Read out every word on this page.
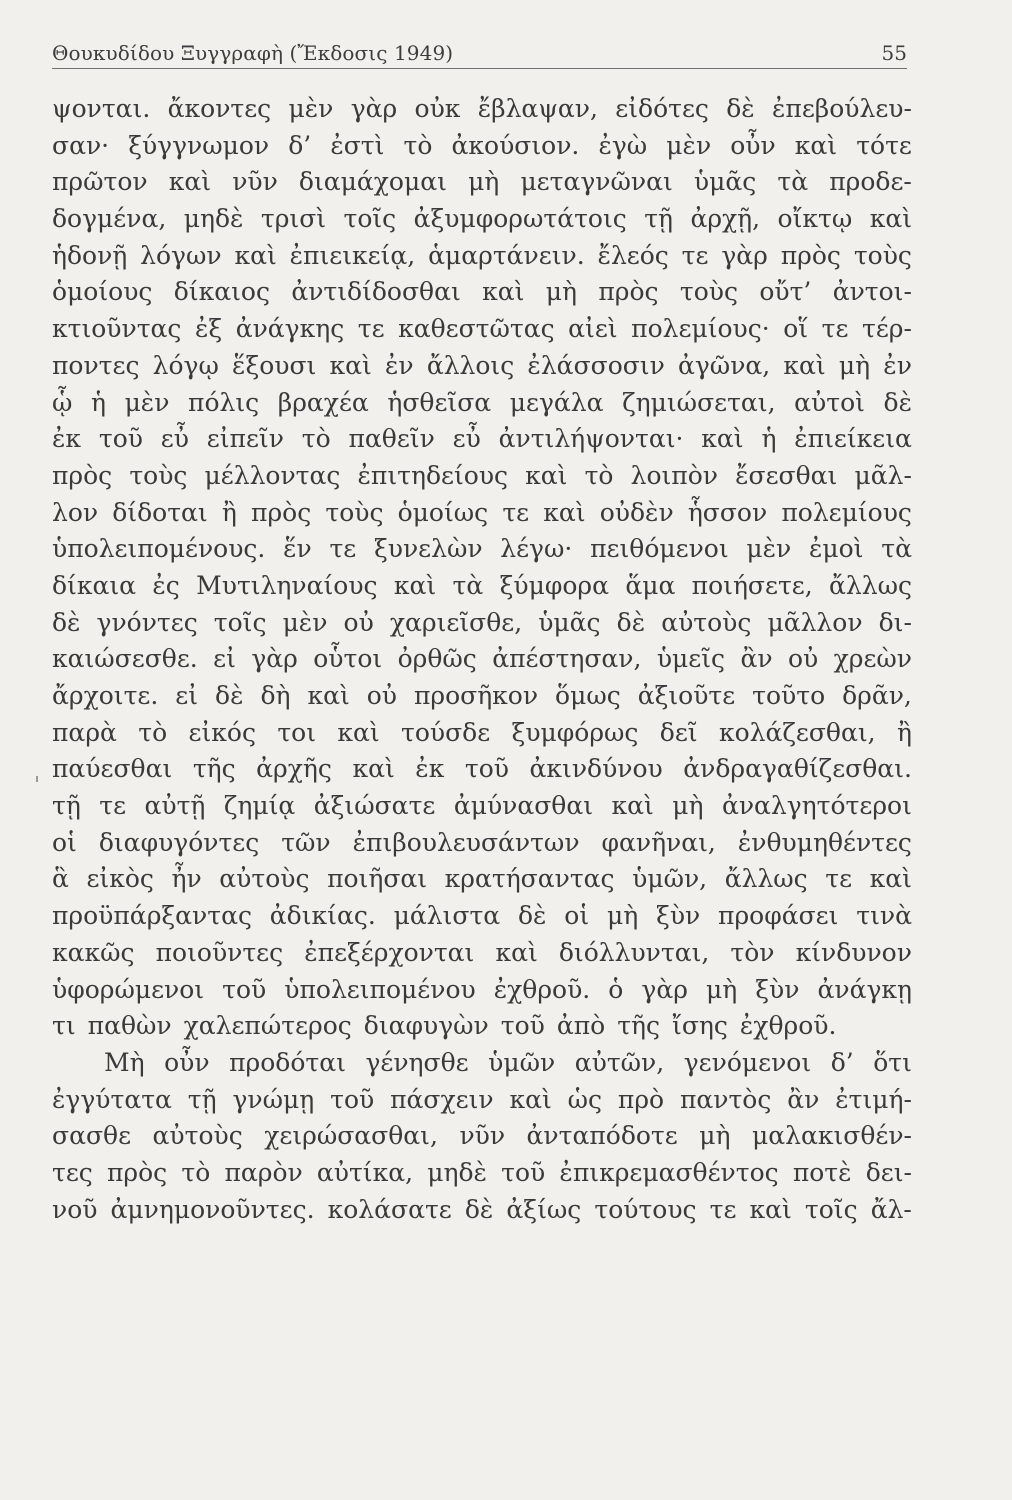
Θουκυδίδου Ξυγγραφὴ (Ἔκδοσις 1949)	55
ψονται. ἄκοντες μὲν γὰρ οὐκ ἔβλαψαν, εἰδότες δὲ ἐπεβούλευ-
σαν· ξύγγνωμον δ’ ἐστὶ τὸ ἀκούσιον. ἐγὼ μὲν οὖν καὶ τότε
πρῶτον καὶ νῦν διαμάχομαι μὴ μεταγνῶναι ὑμᾶς τὰ προδε-
δογμένα, μηδὲ τρισὶ τοῖς ἀξυμφορωτάτοις τῇ ἀρχῇ, οἴκτῳ καὶ
ἡδονῇ λόγων καὶ ἐπιεικείᾳ, ἁμαρτάνειν. ἔλεός τε γὰρ πρὸς τοὺς
ὁμοίους δίκαιος ἀντιδίδοσθαι καὶ μὴ πρὸς τοὺς οὔτ’ ἀντοι-
κτιοῦντας ἐξ ἀνάγκης τε καθεστῶτας αἰεὶ πολεμίους· οἵ τε τέρ-
ποντες λόγῳ ἕξουσι καὶ ἐν ἄλλοις ἐλάσσοσιν ἀγῶνα, καὶ μὴ ἐν
ᾧ ἡ μὲν πόλις βραχέα ἡσθεῖσα μεγάλα ζημιώσεται, αὐτοὶ δὲ
ἐκ τοῦ εὖ εἰπεῖν τὸ παθεῖν εὖ ἀντιλήψονται· καὶ ἡ ἐπιείκεια
πρὸς τοὺς μέλλοντας ἐπιτηδείους καὶ τὸ λοιπὸν ἔσεσθαι μᾶλ-
λον δίδοται ἢ πρὸς τοὺς ὁμοίως τε καὶ οὐδὲν ἧσσον πολεμίους
ὑπολειπομένους. ἕν τε ξυνελὼν λέγω· πειθόμενοι μὲν ἐμοὶ τὰ
δίκαια ἐς Μυτιληναίους καὶ τὰ ξύμφορα ἅμα ποιήσετε, ἄλλως
δὲ γνόντες τοῖς μὲν οὐ χαριεῖσθε, ὑμᾶς δὲ αὐτοὺς μᾶλλον δι-
καιώσεσθε. εἰ γὰρ οὗτοι ὀρθῶς ἀπέστησαν, ὑμεῖς ἂν οὐ χρεὼν
ἄρχοιτε. εἰ δὲ δὴ καὶ οὐ προσῆκον ὅμως ἀξιοῦτε τοῦτο δρᾶν,
παρὰ τὸ εἰκός τοι καὶ τούσδε ξυμφόρως δεῖ κολάζεσθαι, ἢ
παύεσθαι τῆς ἀρχῆς καὶ ἐκ τοῦ ἀκινδύνου ἀνδραγαθίζεσθαι.
τῇ τε αὐτῇ ζημίᾳ ἀξιώσατε ἀμύνασθαι καὶ μὴ ἀναλγητότεροι
οἱ διαφυγόντες τῶν ἐπιβουλευσάντων φανῆναι, ἐνθυμηθέντες
ἃ εἰκὸς ἦν αὐτοὺς ποιῆσαι κρατήσαντας ὑμῶν, ἄλλως τε καὶ
προϋπάρξαντας ἀδικίας. μάλιστα δὲ οἱ μὴ ξὺν προφάσει τινὰ
κακῶς ποιοῦντες ἐπεξέρχονται καὶ διόλλυνται, τὸν κίνδυνον
ὑφορώμενοι τοῦ ὑπολειπομένου ἐχθροῦ. ὁ γὰρ μὴ ξὺν ἀνάγκῃ
τι παθὼν χαλεπώτερος διαφυγὼν τοῦ ἀπὸ τῆς ἴσης ἐχθροῦ.
Μὴ οὖν προδόται γένησθε ὑμῶν αὐτῶν, γενόμενοι δ’ ὅτι
ἐγγύτατα τῇ γνώμῃ τοῦ πάσχειν καὶ ὡς πρὸ παντὸς ἂν ἐτιμή-
σασθε αὐτοὺς χειρώσασθαι, νῦν ἀνταπόδοτε μὴ μαλακισθέν-
τες πρὸς τὸ παρὸν αὐτίκα, μηδὲ τοῦ ἐπικρεμασθέντος ποτὲ δει-
νοῦ ἀμνημονοῦντες. κολάσατε δὲ ἀξίως τούτους τε καὶ τοῖς ἄλ-
